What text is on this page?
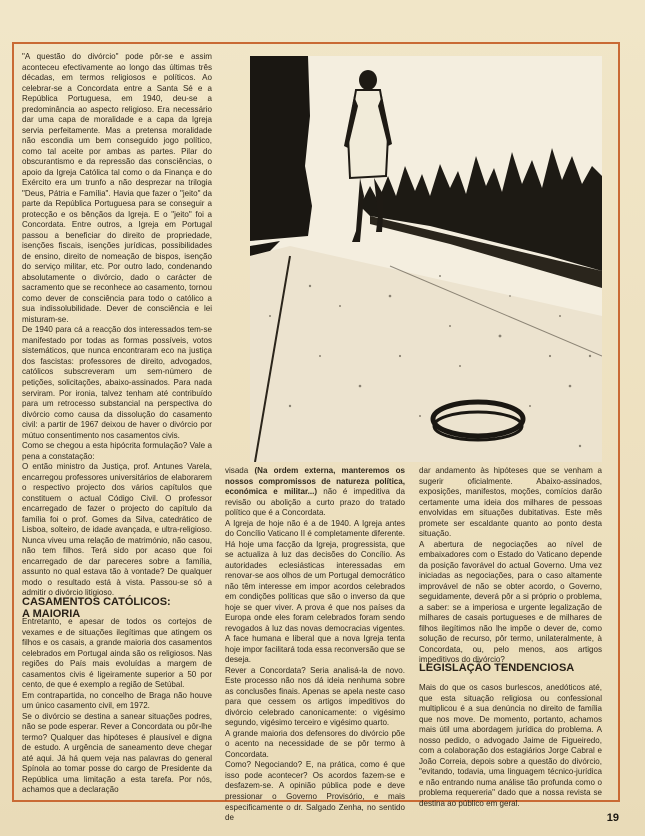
"A questão do divórcio" pode pôr-se e assim aconteceu efectivamente ao longo das últimas três décadas, em termos religiosos e políticos. Ao celebrar-se a Concordata entre a Santa Sé e a República Portuguesa, em 1940, deu-se a predominância ao aspecto religioso. Era necessário dar uma capa de moralidade e a capa da Igreja servia perfeitamente. Mas a pretensa moralidade não escondia um bem conseguido jogo político, como tal aceite por ambas as partes. Pilar do obscurantismo e da repressão das consciências, o apoio da Igreja Católica tal como o da Finança e do Exército era um trunfo a não desprezar na trilogia "Deus, Pátria e Família". Havia que fazer o "jeito" da parte da República Portuguesa para se conseguir a protecção e os bênçãos da Igreja. E o "jeito" foi a Concordata. Entre outros, a Igreja em Portugal passou a beneficiar do direito de propriedade, isenções fiscais, isenções jurídicas, possibilidades de ensino, direito de nomeação de bispos, isenção do serviço militar, etc. Por outro lado, condenando absolutamente o divórcio, dado o carácter de sacramento que se reconhece ao casamento, tornou como dever de consciência para todo o católico a sua indissolubilidade. Dever de consciência e lei misturam-se.
De 1940 para cá a reacção dos interessados tem-se manifestado por todas as formas possíveis, votos sistemáticos, que nunca encontraram eco na justiça dos fascistas: professores de direito, advogados, católicos subscreveram um sem-número de petições, solicitações, abaixo-assinados. Para nada serviram. Por ironia, talvez tenham até contribuído para um retrocesso substancial na perspectiva do divórcio como causa da dissolução do casamento civil: a partir de 1967 deixou de haver o divórcio por mútuo consentimento nos casamentos civis.
Como se chegou a esta hipócrita formulação? Vale a pena a constatação:
O então ministro da Justiça, prof. Antunes Varela, encarregou professores universitários de elaborarem o respectivo projecto dos vários capítulos que constituem o actual Código Civil. O professor encarregado de fazer o projecto do capítulo da família foi o prof. Gomes da Silva, catedrático de Lisboa, solteiro, de idade avançada, e ultra-religioso. Nunca viveu uma relação de matrimónio, não casou, não tem filhos. Terá sido por acaso que foi encarregado de dar pareceres sobre a família, assunto no qual estava tão à vontade? De qualquer modo o resultado está à vista. Passou-se só a admitir o divórcio litigioso.
CASAMENTOS CATÓLICOS:
A MAIORIA
Entretanto, e apesar de todos os cortejos de vexames e de situações ilegítimas que atingem os filhos e os casais, a grande maioria dos casamentos celebrados em Portugal ainda são os religiosos. Nas regiões do País mais evoluídas a margem de casamentos civis é ligeiramente superior a 50 por cento, de que é exemplo a região de Setúbal.
Em contrapartida, no concelho de Braga não houve um único casamento civil, em 1972.
Se o divórcio se destina a sanear situações podres, não se pode esperar. Rever a Concordata ou pôr-lhe termo? Qualquer das hipóteses é plausível e digna de estudo. A urgência de saneamento deve chegar até aqui. Já há quem veja nas palavras do general Spínola ao tomar posse do cargo de Presidente da República uma limitação a esta tarefa. Por nós, achamos que a declaração
visada (Na ordem externa, manteremos os nossos compromissos de natureza política, económica e militar...) não é impeditiva da revisão ou abolição a curto prazo do tratado político que é a Concordata.
A Igreja de hoje não é a de 1940. A Igreja antes do Concílio Vaticano II é completamente diferente. Há hoje uma facção da Igreja, progressista, que se actualiza à luz das decisões do Concílio. As autoridades eclesiásticas interessadas em renovar-se aos olhos de um Portugal democrático não têm interesse em impor acordos celebrados em condições políticas que são o inverso da que hoje se quer viver. A prova é que nos países da Europa onde eles foram celebrados foram sendo revogados à luz das novas democracias vigentes. A face humana e liberal que a nova Igreja tenta hoje impor facilitará toda essa reconversão que se deseja.
Rever a Concordata? Seria analisá-la de novo. Este processo não nos dá ideia nenhuma sobre as conclusões finais. Apenas se apela neste caso para que cessem os artigos impeditivos do divórcio celebrado canonicamente: o vigésimo segundo, vigésimo terceiro e vigésimo quarto.
A grande maioria dos defensores do divórcio põe o acento na necessidade de se pôr termo à Concordata.
Como? Negociando? E, na prática, como é que isso pode acontecer? Os acordos fazem-se e desfazem-se. A opinião pública pode e deve pressionar o Governo Provisório, e mais especificamente o dr. Salgado Zenha, no sentido de
dar andamento às hipóteses que se venham a sugerir oficialmente. Abaixo-assinados, exposições, manifestos, moções, comícios darão certamente uma ideia dos milhares de pessoas envolvidas em situações dubitativas. Este mês promete ser escaldante quanto ao ponto desta situação.
A abertura de negociações ao nível de embaixadores com o Estado do Vaticano depende da posição favorável do actual Governo. Uma vez iniciadas as negociações, para o caso altamente improvável de não se obter acordo, o Governo, seguidamente, deverá pôr a si próprio o problema, a saber: se a imperiosa e urgente legalização de milhares de casais portugueses e de milhares de filhos ilegítimos não lhe impõe o dever de, como solução de recurso, pôr termo, unilateralmente, à Concordata, ou, pelo menos, aos artigos impeditivos do divórcio?
LEGISLAÇÃO TENDENCIOSA
Mais do que os casos burlescos, anedóticos até, que esta situação religiosa ou confessional multiplicou é a sua denúncia no direito de família que nos move. De momento, portanto, achamos mais útil uma abordagem jurídica do problema. A nosso pedido, o advogado Jaime de Figueiredo, com a colaboração dos estagiários Jorge Cabral e João Correia, depois sobre a questão do divórcio, "evitando, todavia, uma linguagem técnico-jurídica e não entrando numa análise tão profunda como o problema requereria" dado que a nossa revista se destina ao público em geral.
19
